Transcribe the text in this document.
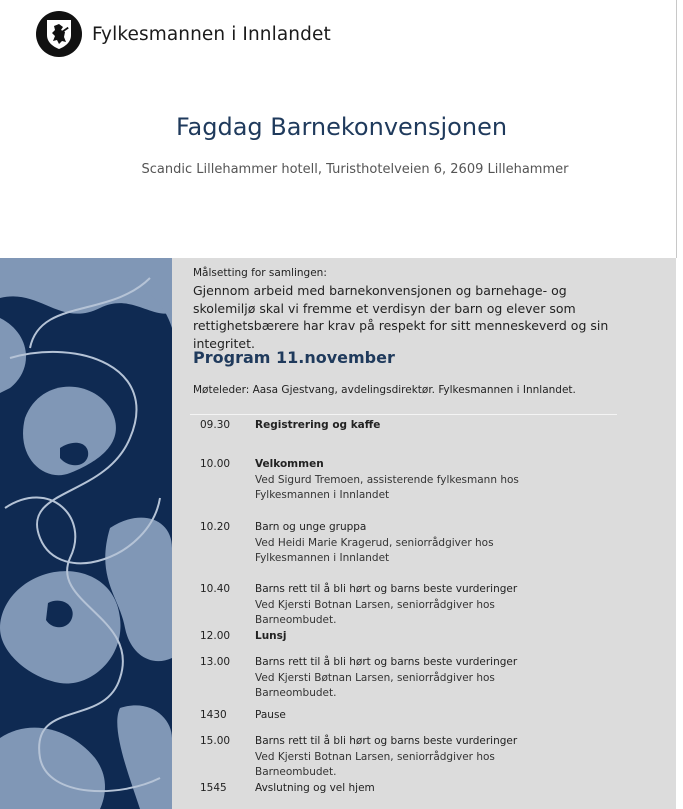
Fylkesmannen i Innlandet
Fagdag Barnekonvensjonen
Scandic Lillehammer hotell, Turisthotelveien 6, 2609 Lillehammer
Målsetting for samlingen:
Gjennom arbeid med barnekonvensjonen og barnehage- og skolemiljø skal vi fremme et verdisyn der barn og elever som rettighetsbærere har krav på respekt for sitt menneskeverd og sin integritet.
Program 11.november
Møteleder: Aasa Gjestvang, avdelingsdirektør. Fylkesmannen i Innlandet.
09.30 Registrering og kaffe
10.00 Velkommen
Ved Sigurd Tremoen, assisterende fylkesmann hos
Fylkesmannen i Innlandet
10.20 Barn og unge gruppa
Ved Heidi Marie Kragerud, seniorrådgiver hos
Fylkesmannen i Innlandet
10.40 Barns rett til å bli hørt og barns beste vurderinger
Ved Kjersti Botnan Larsen, seniorrådgiver hos
Barneombudet.
12.00 Lunsj
13.00 Barns rett til å bli hørt og barns beste vurderinger
Ved Kjersti Bøtnan Larsen, seniorrådgiver hos
Barneombudet.
1430	Pause
15.00 Barns rett til å bli hørt og barns beste vurderinger
Ved Kjersti Botnan Larsen, seniorrådgiver hos
Barneombudet.
1545	Avslutning og vel hjem
